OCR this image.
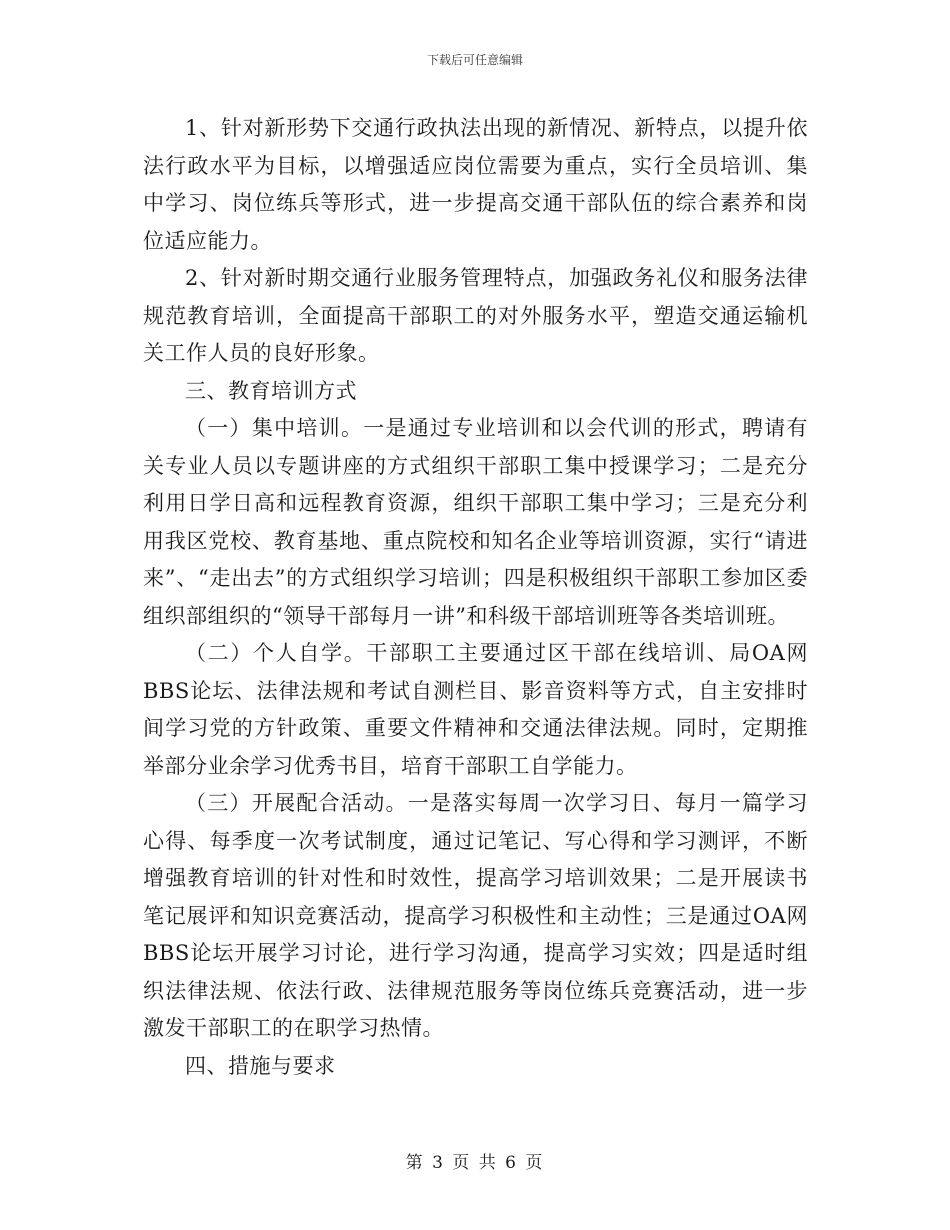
下载后可任意编辑

1、针对新形势下交通行政执法出现的新情况、新特点，以提升依法行政水平为目标，以增强适应岗位需要为重点，实行全员培训、集中学习、岗位练兵等形式，进一步提高交通干部队伍的综合素养和岗位适应能力。

2、针对新时期交通行业服务管理特点，加强政务礼仪和服务法律规范教育培训，全面提高干部职工的对外服务水平，塑造交通运输机关工作人员的良好形象。

三、教育培训方式

（一）集中培训。一是通过专业培训和以会代训的形式，聘请有关专业人员以专题讲座的方式组织干部职工集中授课学习；二是充分利用日学日高和远程教育资源，组织干部职工集中学习；三是充分利用我区党校、教育基地、重点院校和知名企业等培训资源，实行“请进来”、“走出去”的方式组织学习培训；四是积极组织干部职工参加区委组织部组织的“领导干部每月一讲”和科级干部培训班等各类培训班。

（二）个人自学。干部职工主要通过区干部在线培训、局OA网BBS论坛、法律法规和考试自测栏目、影音资料等方式，自主安排时间学习党的方针政策、重要文件精神和交通法律法规。同时，定期推举部分业余学习优秀书目，培育干部职工自学能力。

（三）开展配合活动。一是落实每周一次学习日、每月一篇学习心得、每季度一次考试制度，通过记笔记、写心得和学习测评，不断增强教育培训的针对性和时效性，提高学习培训效果；二是开展读书笔记展评和知识竞赛活动，提高学习积极性和主动性；三是通过OA网BBS论坛开展学习讨论，进行学习沟通，提高学习实效；四是适时组织法律法规、依法行政、法律规范服务等岗位练兵竞赛活动，进一步激发干部职工的在职学习热情。

四、措施与要求

第 3 页 共 6 页
